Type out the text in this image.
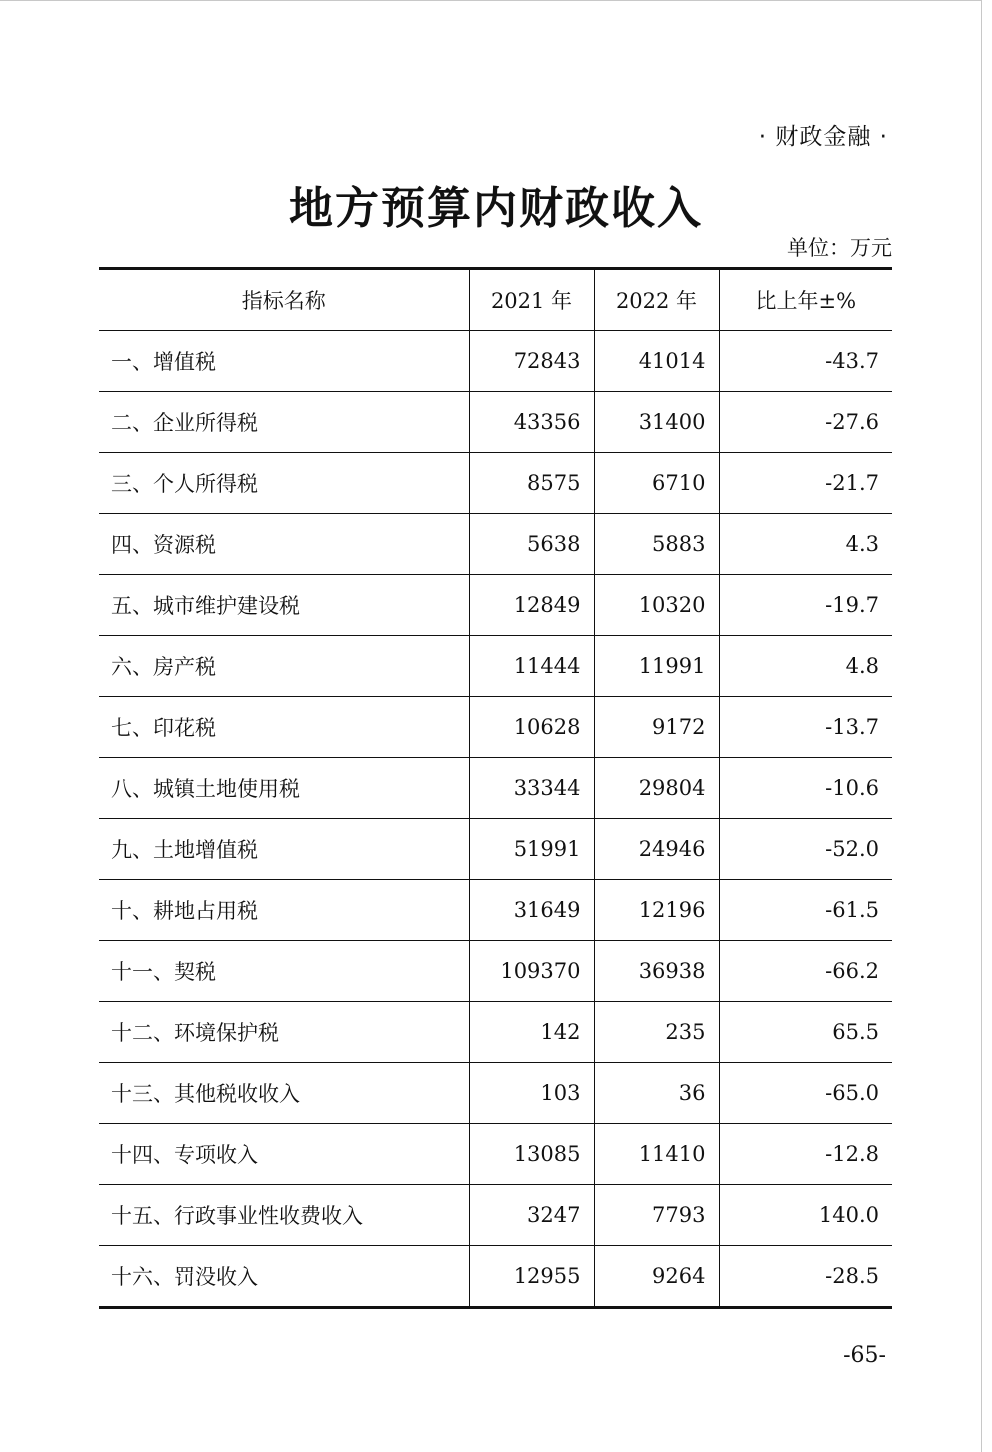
· 财政金融 ·
地方预算内财政收入
单位：万元
指标名称	2021 年	2022 年	比上年±%
一、增值税	72843	41014	-43.7
二、企业所得税	43356	31400	-27.6
三、个人所得税	8575	6710	-21.7
四、资源税	5638	5883	4.3
五、城市维护建设税	12849	10320	-19.7
六、房产税	11444	11991	4.8
七、印花税	10628	9172	-13.7
八、城镇土地使用税	33344	29804	-10.6
九、土地增值税	51991	24946	-52.0
十、耕地占用税	31649	12196	-61.5
十一、契税	109370	36938	-66.2
十二、环境保护税	142	235	65.5
十三、其他税收收入	103	36	-65.0
十四、专项收入	13085	11410	-12.8
十五、行政事业性收费收入	3247	7793	140.0
十六、罚没收入	12955	9264	-28.5
-65-
